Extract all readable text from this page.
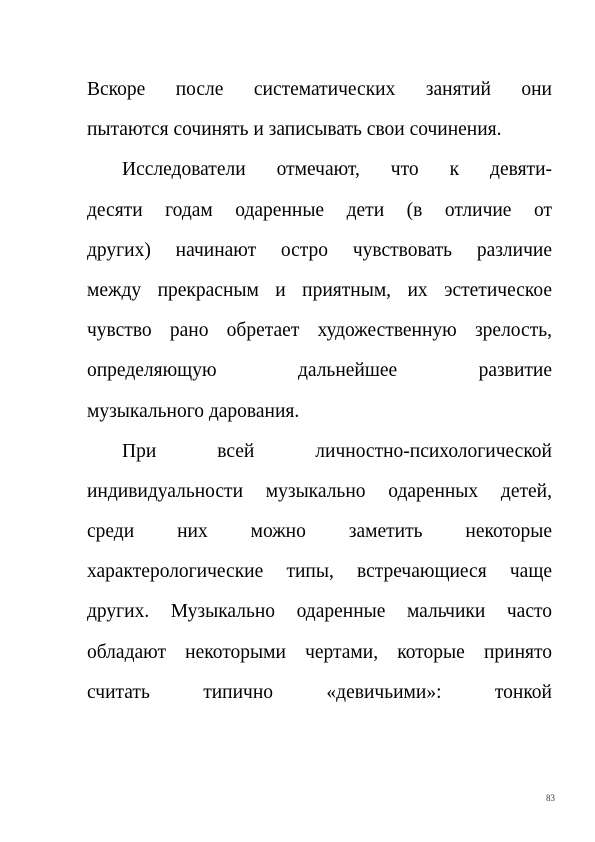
Вскоре после систематических занятий они
пытаются сочинять и записывать свои сочинения.
Исследователи отмечают, что к девяти-
десяти годам одаренные дети (в отличие от
других) начинают остро чувствовать различие
между прекрасным и приятным, их эстетическое
чувство рано обретает художественную зрелость,
определяющую дальнейшее развитие
музыкального дарования.
При всей личностно-психологической
индивидуальности музыкально одаренных детей,
среди них можно заметить некоторые
характерологические типы, встречающиеся чаще
других. Музыкально одаренные мальчики часто
обладают некоторыми чертами, которые принято
считать типично «девичьими»: тонкой
83
